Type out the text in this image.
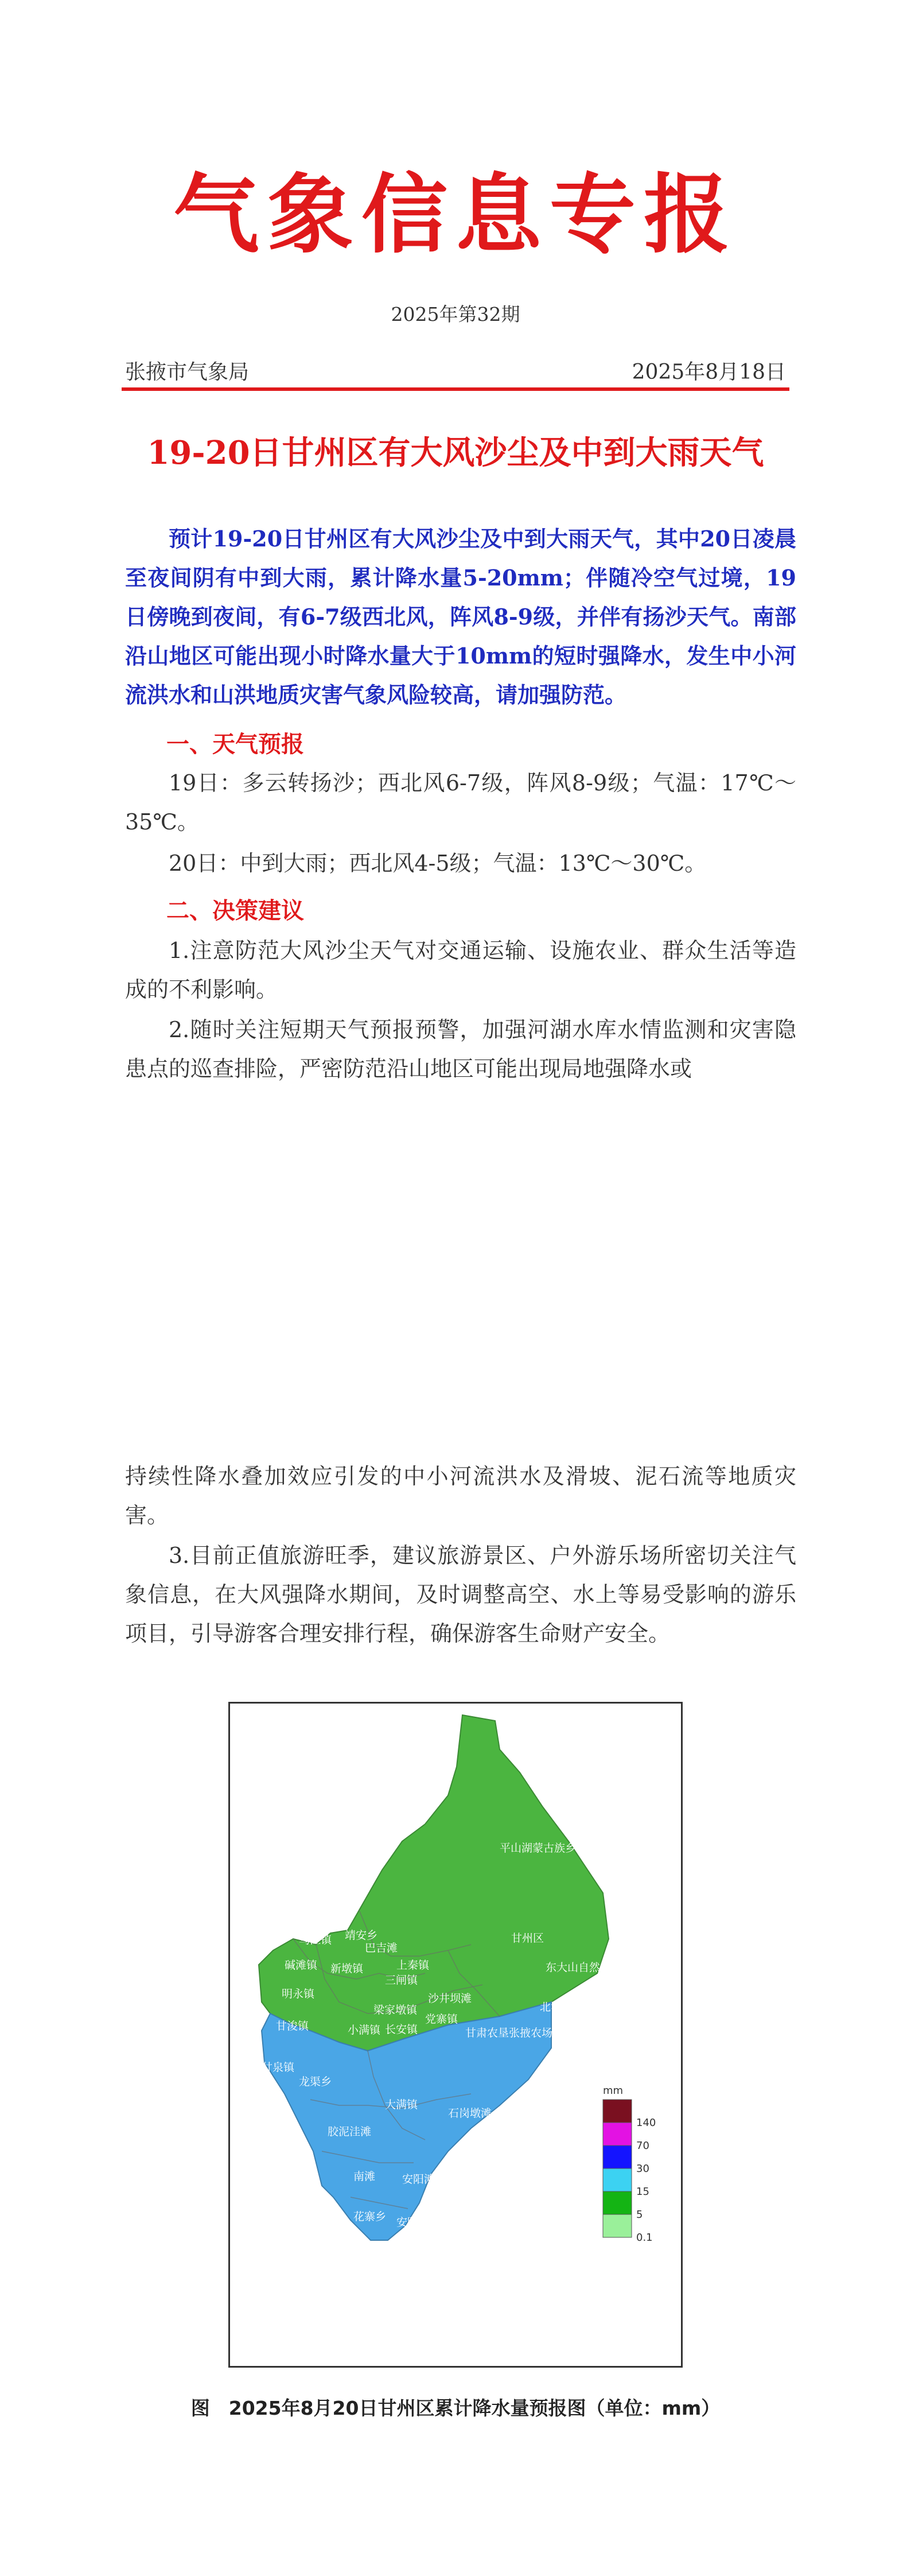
气象信息专报
2025年第32期
张掖市气象局	2025年8月18日
19-20日甘州区有大风沙尘及中到大雨天气
预计19-20日甘州区有大风沙尘及中到大雨天气，其中20日凌晨至夜间阴有中到大雨，累计降水量5-20mm；伴随冷空气过境，19日傍晚到夜间，有6-7级西北风，阵风8-9级，并伴有扬沙天气。南部沿山地区可能出现小时降水量大于10mm的短时强降水，发生中小河流洪水和山洪地质灾害气象风险较高，请加强防范。
一、天气预报
19日：多云转扬沙；西北风6-7级，阵风8-9级；气温：17℃～35℃。
20日：中到大雨；西北风4-5级；气温：13℃～30℃。
二、决策建议
1.注意防范大风沙尘天气对交通运输、设施农业、群众生活等造成的不利影响。
2.随时关注短期天气预报预警，加强河湖水库水情监测和灾害隐患点的巡查排险，严密防范沿山地区可能出现局地强降水或
持续性降水叠加效应引发的中小河流洪水及滑坡、泥石流等地质灾害。
3.目前正值旅游旺季，建议旅游景区、户外游乐场所密切关注气象信息，在大风强降水期间，及时调整高空、水上等易受影响的游乐项目，引导游客合理安排行程，确保游客生命财产安全。
平山湖蒙古族乡
沙井镇
乌江镇 靖安乡
巴吉滩
甘州区
东大山自然保护区
碱滩镇 新墩镇	上秦镇
三闸镇
梁家墩镇
党寨镇
明永镇
甘浚镇	小满镇 长安镇
沙井坝滩
甘肃农垦张掖农场
北沙坝滩
廿泉镇
龙渠乡
大满镇
石岗墩滩
胶泥洼滩
南滩 安阳滩
花寨乡 安阳乡
mm
140
70
30
15
5
0.1
图　2025年8月20日甘州区累计降水量预报图（单位：mm）
